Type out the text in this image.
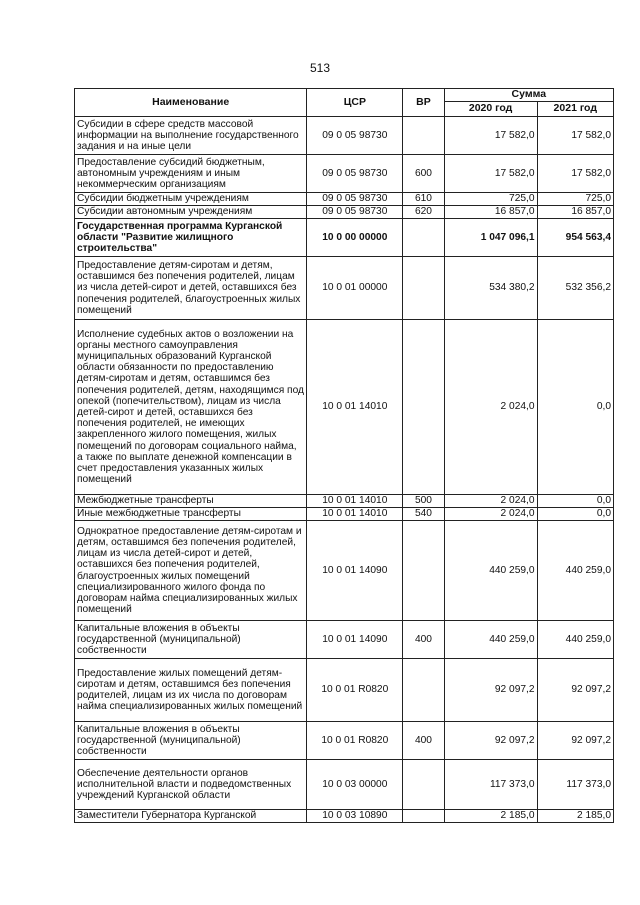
513
Наименование	ЦСР	ВР	Сумма	
			2020 год	2021 год
Субсидии в сфере средств массовой информации на выполнение государственного задания и на иные цели	09 0 05 98730		17 582,0	17 582,0
Предоставление субсидий бюджетным, автономным учреждениям и иным некоммерческим организациям	09 0 05 98730	600	17 582,0	17 582,0
Субсидии бюджетным учреждениям	09 0 05 98730	610	725,0	725,0
Субсидии автономным учреждениям	09 0 05 98730	620	16 857,0	16 857,0
Государственная программа Курганской области "Развитие жилищного строительства"	10 0 00 00000		1 047 096,1	954 563,4
Предоставление детям-сиротам и детям, оставшимся без попечения родителей, лицам из числа детей-сирот и детей, оставшихся без попечения родителей, благоустроенных жилых помещений	10 0 01 00000		534 380,2	532 356,2
Исполнение судебных актов о возложении на органы местного самоуправления муниципальных образований Курганской области обязанности по предоставлению детям-сиротам и детям, оставшимся без попечения родителей, детям, находящимся под опекой (попечительством), лицам из числа детей-сирот и детей, оставшихся без попечения родителей, не имеющих закрепленного жилого помещения, жилых помещений по договорам социального найма, а также по выплате денежной компенсации в счет предоставления указанных жилых помещений	10 0 01 14010		2 024,0	0,0
Межбюджетные трансферты	10 0 01 14010	500	2 024,0	0,0
Иные межбюджетные трансферты	10 0 01 14010	540	2 024,0	0,0
Однократное предоставление детям-сиротам и детям, оставшимся без попечения родителей, лицам из числа детей-сирот и детей, оставшихся без попечения родителей, благоустроенных жилых помещений специализированного жилого фонда по договорам найма специализированных жилых помещений	10 0 01 14090		440 259,0	440 259,0
Капитальные вложения в объекты государственной (муниципальной) собственности	10 0 01 14090	400	440 259,0	440 259,0
Предоставление жилых помещений детям-сиротам и детям, оставшимся без попечения родителей, лицам из их числа по договорам найма специализированных жилых помещений	10 0 01 R0820		92 097,2	92 097,2
Капитальные вложения в объекты государственной (муниципальной) собственности	10 0 01 R0820	400	92 097,2	92 097,2
Обеспечение деятельности органов исполнительной власти и подведомственных учреждений Курганской области	10 0 03 00000		117 373,0	117 373,0
Заместители Губернатора Курганской	10 0 03 10890		2 185,0	2 185,0
